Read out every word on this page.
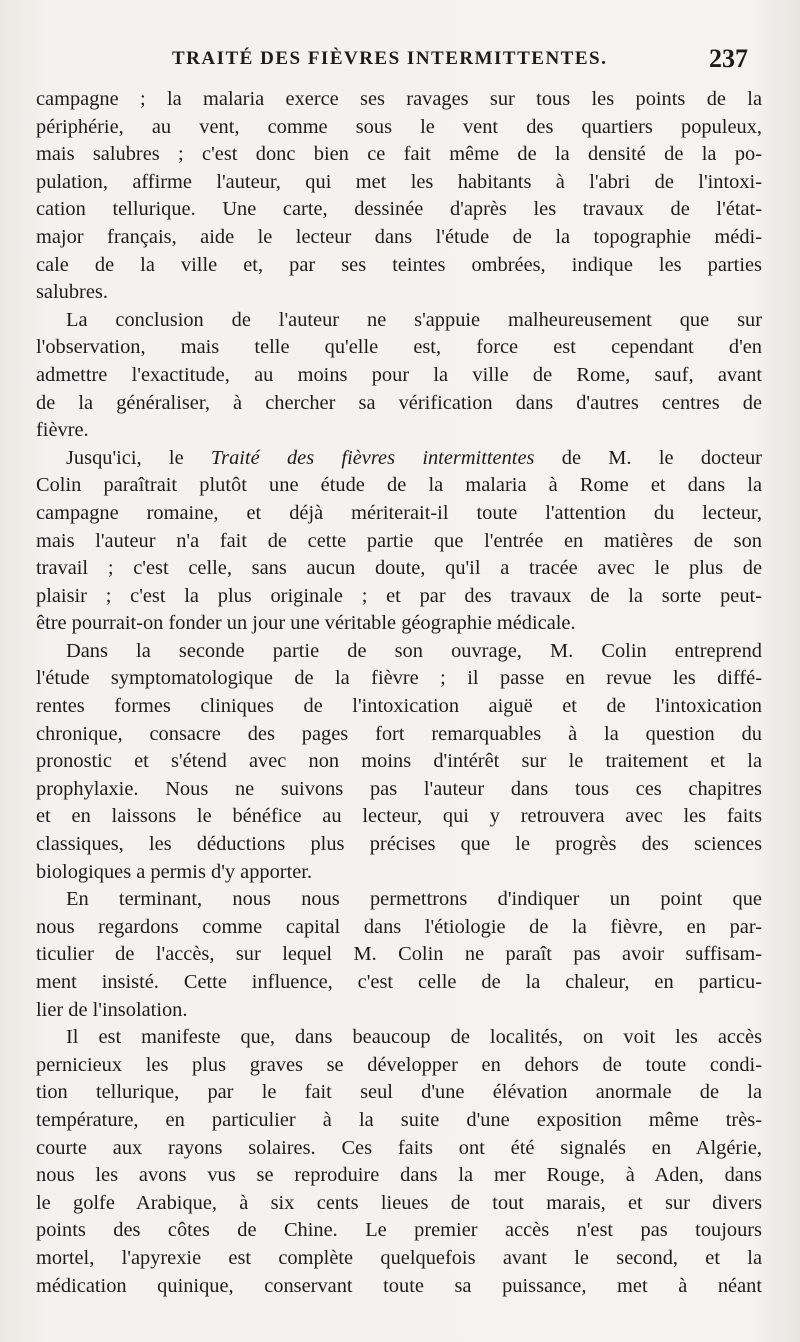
TRAITÉ DES FIÈVRES INTERMITTENTES.	237
campagne ; la malaria exerce ses ravages sur tous les points de la
périphérie, au vent, comme sous le vent des quartiers populeux,
mais salubres ; c'est donc bien ce fait même de la densité de la po-
pulation, affirme l'auteur, qui met les habitants à l'abri de l'intoxi-
cation tellurique. Une carte, dessinée d'après les travaux de l'état-
major français, aide le lecteur dans l'étude de la topographie médi-
cale de la ville et, par ses teintes ombrées, indique les parties
salubres.
La conclusion de l'auteur ne s'appuie malheureusement que sur
l'observation, mais telle qu'elle est, force est cependant d'en
admettre l'exactitude, au moins pour la ville de Rome, sauf, avant
de la généraliser, à chercher sa vérification dans d'autres centres de
fièvre.
Jusqu'ici, le Traité des fièvres intermittentes de M. le docteur
Colin paraîtrait plutôt une étude de la malaria à Rome et dans la
campagne romaine, et déjà mériterait-il toute l'attention du lecteur,
mais l'auteur n'a fait de cette partie que l'entrée en matières de son
travail ; c'est celle, sans aucun doute, qu'il a tracée avec le plus de
plaisir ; c'est la plus originale ; et par des travaux de la sorte peut-
être pourrait-on fonder un jour une véritable géographie médicale.
Dans la seconde partie de son ouvrage, M. Colin entreprend
l'étude symptomatologique de la fièvre ; il passe en revue les diffé-
rentes formes cliniques de l'intoxication aiguë et de l'intoxication
chronique, consacre des pages fort remarquables à la question du
pronostic et s'étend avec non moins d'intérêt sur le traitement et la
prophylaxie. Nous ne suivons pas l'auteur dans tous ces chapitres
et en laissons le bénéfice au lecteur, qui y retrouvera avec les faits
classiques, les déductions plus précises que le progrès des sciences
biologiques a permis d'y apporter.
En terminant, nous nous permettrons d'indiquer un point que
nous regardons comme capital dans l'étiologie de la fièvre, en par-
ticulier de l'accès, sur lequel M. Colin ne paraît pas avoir suffisam-
ment insisté. Cette influence, c'est celle de la chaleur, en particu-
lier de l'insolation.
Il est manifeste que, dans beaucoup de localités, on voit les accès
pernicieux les plus graves se développer en dehors de toute condi-
tion tellurique, par le fait seul d'une élévation anormale de la
température, en particulier à la suite d'une exposition même très-
courte aux rayons solaires. Ces faits ont été signalés en Algérie,
nous les avons vus se reproduire dans la mer Rouge, à Aden, dans
le golfe Arabique, à six cents lieues de tout marais, et sur divers
points des côtes de Chine. Le premier accès n'est pas toujours
mortel, l'apyrexie est complète quelquefois avant le second, et la
médication quinique, conservant toute sa puissance, met à néant
